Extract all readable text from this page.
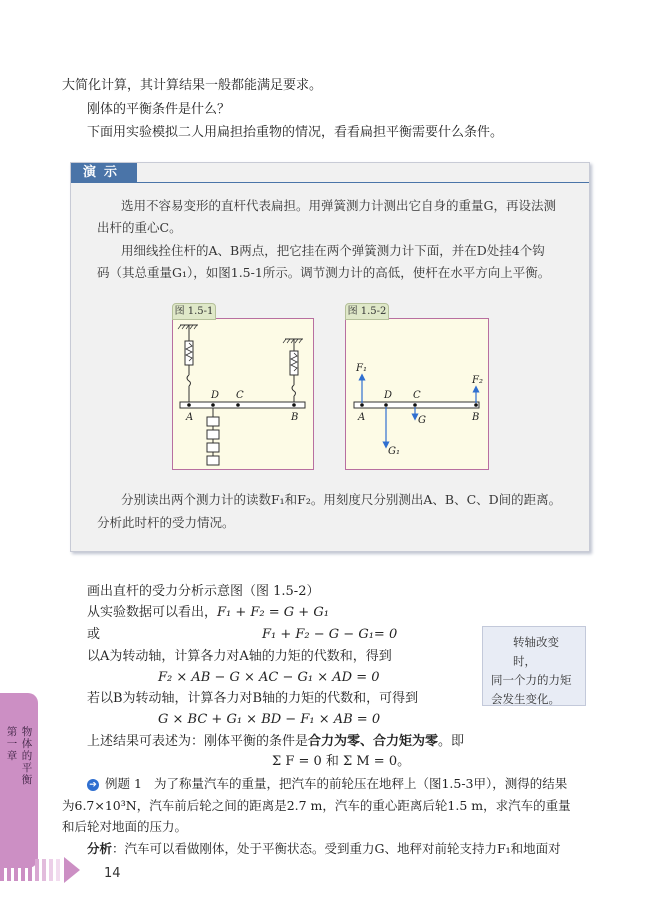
大简化计算，其计算结果一般都能满足要求。
刚体的平衡条件是什么？
下面用实验模拟二人用扁担抬重物的情况，看看扁担平衡需要什么条件。
演示
选用不容易变形的直杆代表扁担。用弹簧测力计测出它自身的重量G，再设法测
出杆的重心C。
用细线拴住杆的A、B两点，把它挂在两个弹簧测力计下面，并在D处挂4个钩
码（其总重量G₁），如图1.5-1所示。调节测力计的高低，使杆在水平方向上平衡。
图 1.5-1
A	B
D C
图 1.5-2
F₁
F₂
A	B
D C
G
G₁
分别读出两个测力计的读数F₁和F₂。用刻度尺分别测出A、B、C、D间的距离。
分析此时杆的受力情况。
画出直杆的受力分析示意图（图 1.5-2）
从实验数据可以看出，F₁ + F₂ = G + G₁
或	F₁ + F₂ − G − G₁= 0
以A为转动轴，计算各力对A轴的力矩的代数和，得到
F₂ × AB − G × AC − G₁ × AD = 0
若以B为转动轴，计算各力对B轴的力矩的代数和，可得到
G × BC + G₁ × BD − F₁ × AB = 0
上述结果可表述为：刚体平衡的条件是合力为零、合力矩为零。即
Σ F = 0 和 Σ M = 0。
➔ 例题 1 为了称量汽车的重量，把汽车的前轮压在地秤上（图1.5-3甲），测得的结果
为6.7×10³N，汽车前后轮之间的距离是2.7 m，汽车的重心距离后轮1.5 m，求汽车的重量
和后轮对地面的压力。
分析：汽车可以看做刚体，处于平衡状态。受到重力G、地秤对前轮支持力F₁和地面对
转轴改变时，
同一个力的力矩
会发生变化。
第一章
物体的平衡
14
